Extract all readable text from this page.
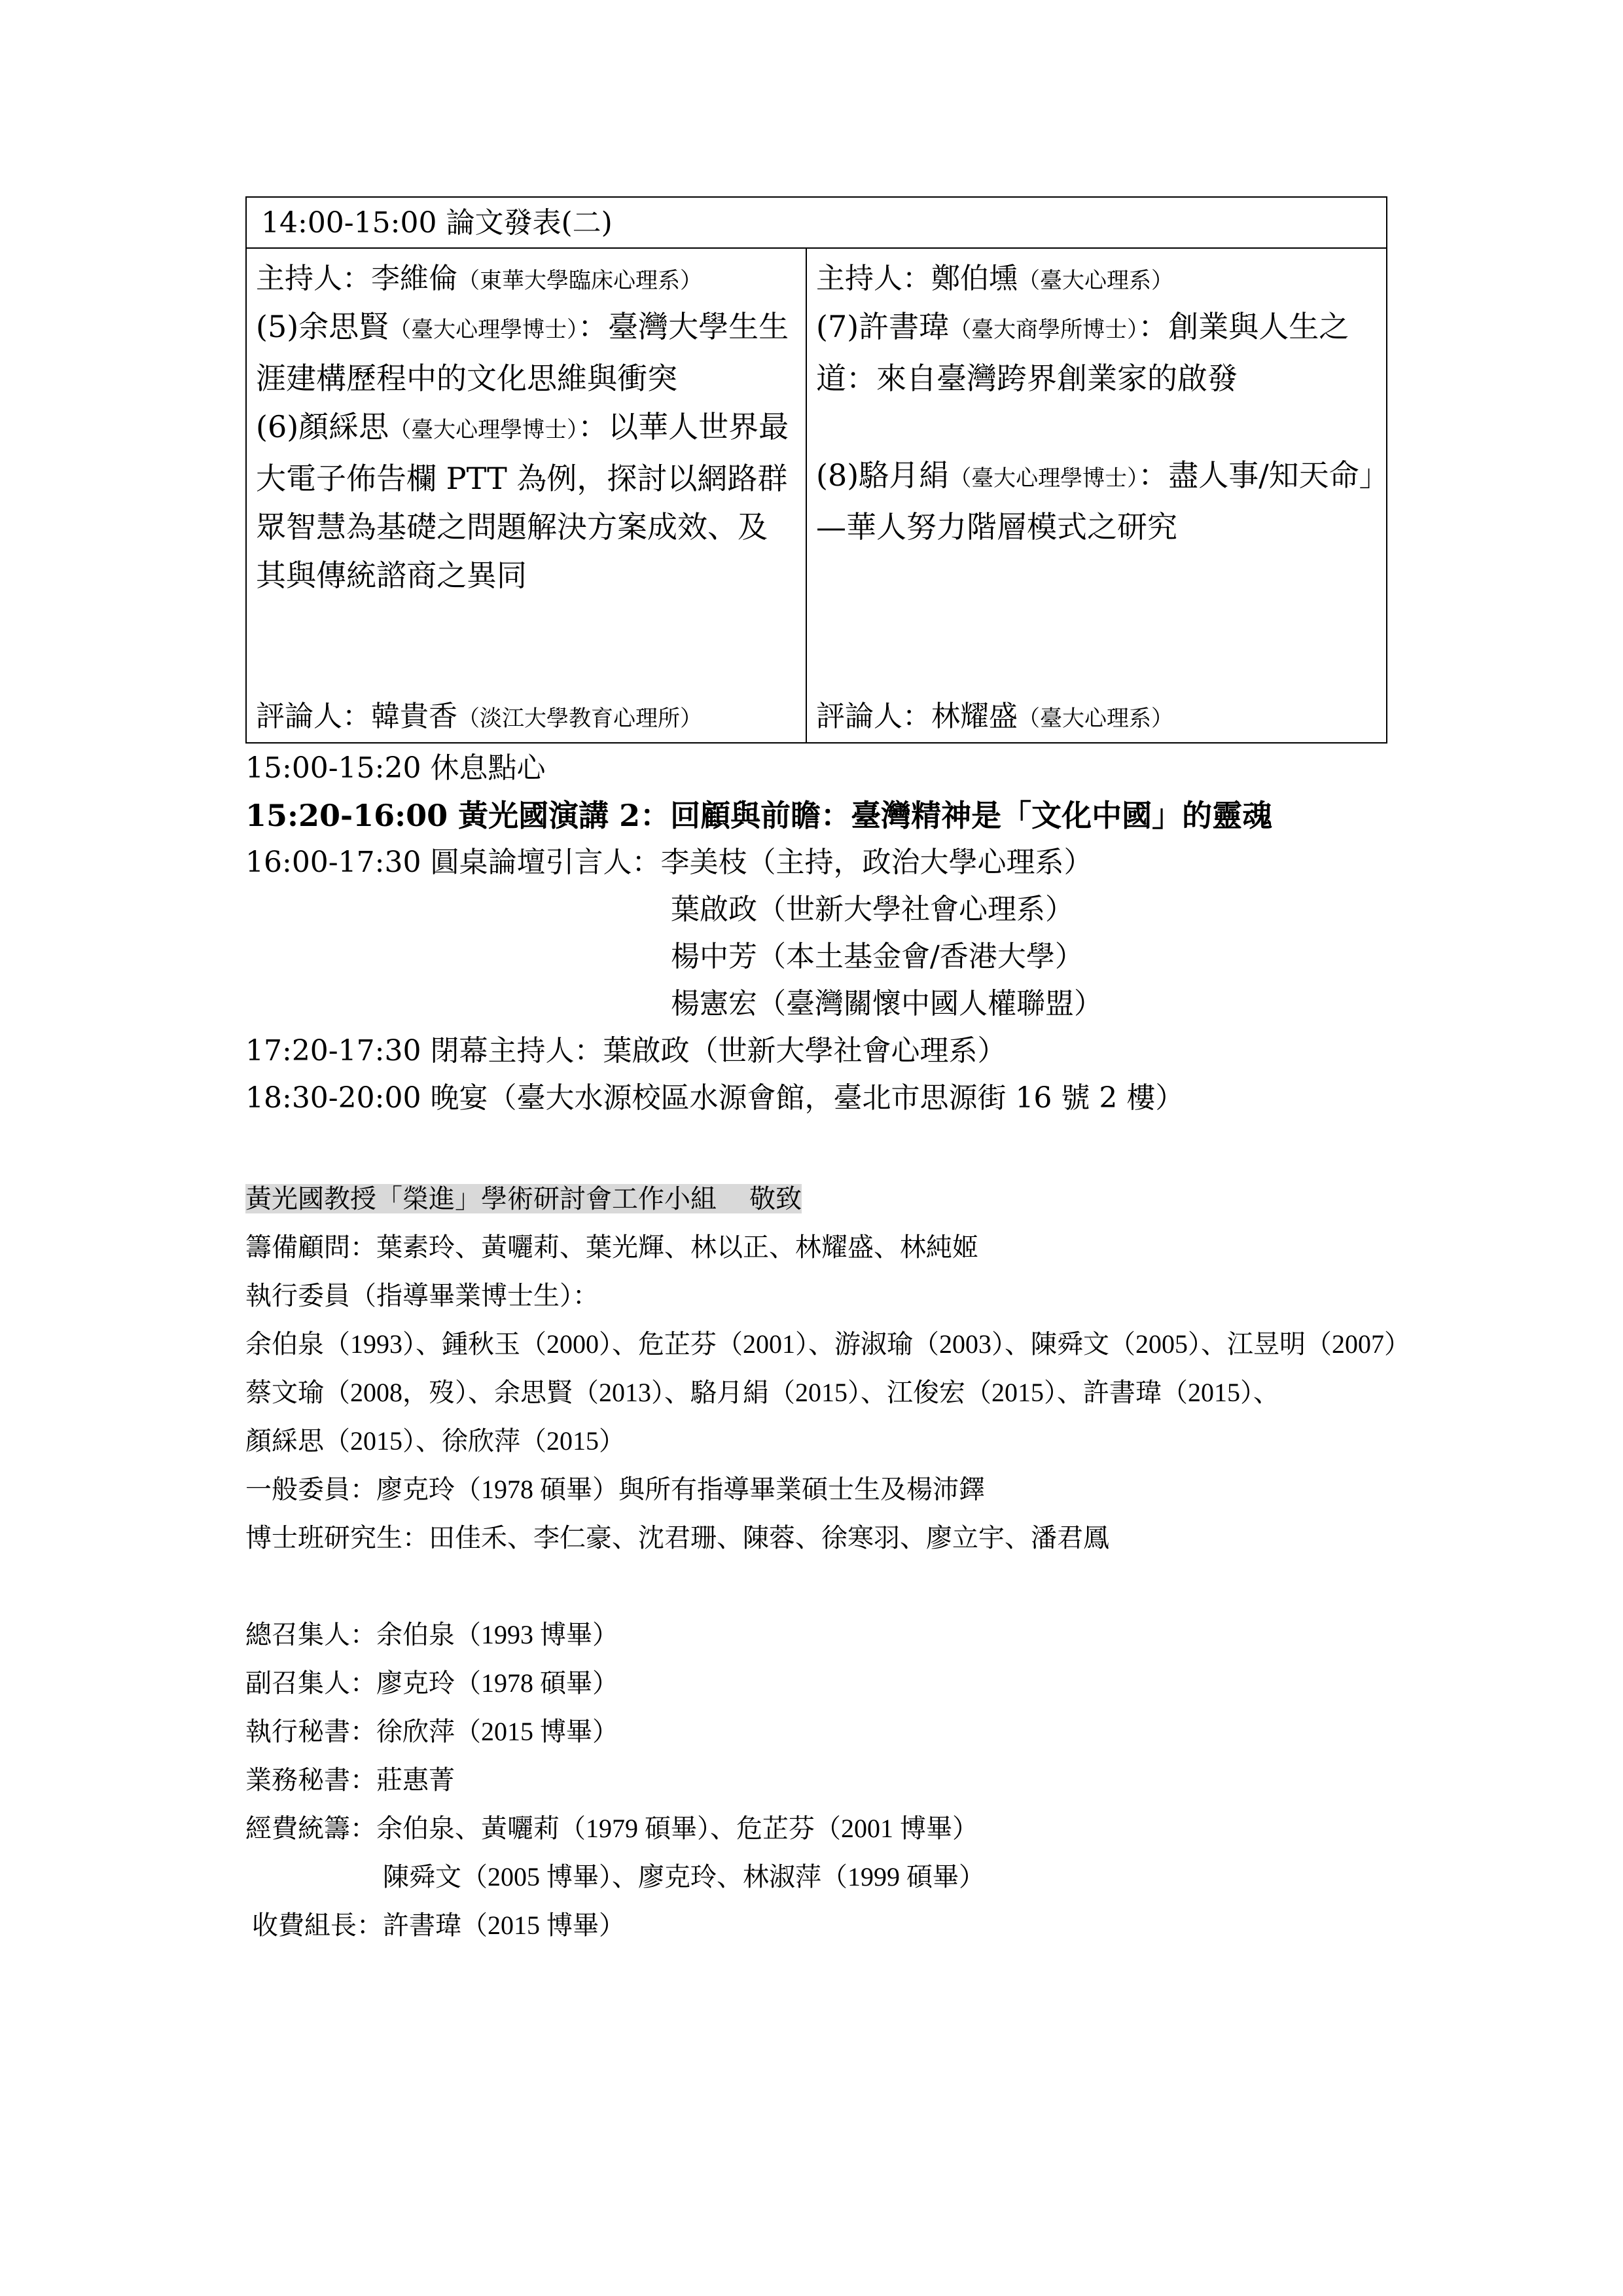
14:00-15:00 論文發表(二)
主持人：李維倫（東華大學臨床心理系）
(5)余思賢（臺大心理學博士）：臺灣大學生生涯建構歷程中的文化思維與衝突
(6)顏綵思（臺大心理學博士）：以華人世界最大電子佈告欄 PTT 為例，探討以網路群眾智慧為基礎之問題解決方案成效、及其與傳統諮商之異同
評論人：韓貴香（淡江大學教育心理所）
主持人：鄭伯壎（臺大心理系）
(7)許書瑋（臺大商學所博士）：創業與人生之道：來自臺灣跨界創業家的啟發
(8)駱月絹（臺大心理學博士）：盡人事/知天命」—華人努力階層模式之研究
評論人：林耀盛（臺大心理系）
15:00-15:20 休息點心
15:20-16:00 黃光國演講 2：回顧與前瞻：臺灣精神是「文化中國」的靈魂
16:00-17:30 圓桌論壇引言人：李美枝（主持，政治大學心理系）
葉啟政（世新大學社會心理系）
楊中芳（本土基金會/香港大學）
楊憲宏（臺灣關懷中國人權聯盟）
17:20-17:30 閉幕主持人：葉啟政（世新大學社會心理系）
18:30-20:00 晚宴（臺大水源校區水源會館，臺北市思源街 16 號 2 樓）
黃光國教授「榮進」學術研討會工作小組　 敬致
籌備顧問：葉素玲、黃囇莉、葉光輝、林以正、林耀盛、林純姬
執行委員（指導畢業博士生）：
余伯泉（1993）、鍾秋玉（2000）、危芷芬（2001）、游淑瑜（2003）、陳舜文（2005）、江昱明（2007）
蔡文瑜（2008，歿）、余思賢（2013）、駱月絹（2015）、江俊宏（2015）、許書瑋（2015）、
顏綵思（2015）、徐欣萍（2015）
一般委員：廖克玲（1978 碩畢）與所有指導畢業碩士生及楊沛鐸
博士班研究生：田佳禾、李仁豪、沈君珊、陳蓉、徐寒羽、廖立宇、潘君鳳
總召集人：余伯泉（1993 博畢）
副召集人：廖克玲（1978 碩畢）
執行秘書：徐欣萍（2015 博畢）
業務秘書：莊惠菁
經費統籌：余伯泉、黃囇莉（1979 碩畢）、危芷芬（2001 博畢）
陳舜文（2005 博畢）、廖克玲、林淑萍（1999 碩畢）
收費組長：許書瑋（2015 博畢）
